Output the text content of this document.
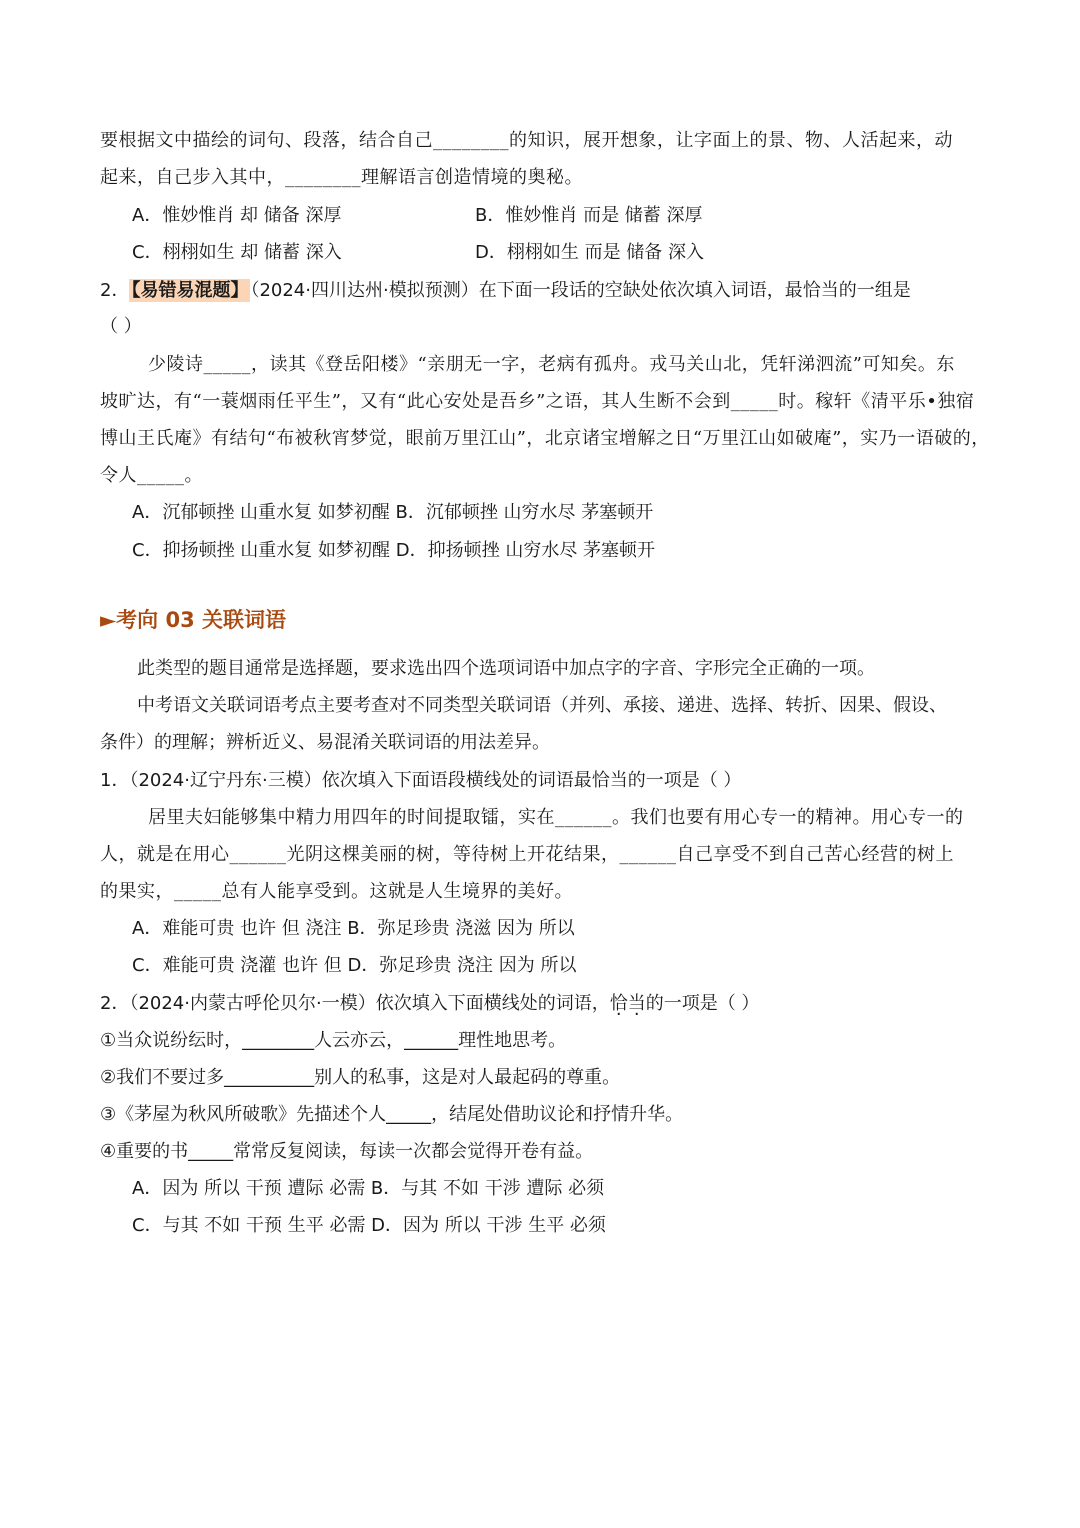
要根据文中描绘的词句、段落，结合自己________的知识，展开想象，让字面上的景、物、人活起来，动
起来，自己步入其中，________理解语言创造情境的奥秘。
A．惟妙惟肖 却 储备 深厚	B．惟妙惟肖 而是 储蓄 深厚
C．栩栩如生 却 储蓄 深入	D．栩栩如生 而是 储备 深入
2． 【易错易混题】 （2024·四川达州·模拟预测）在下面一段话的空缺处依次填入词语，最恰当的一组是
（ ）
少陵诗_____，读其《登岳阳楼》“亲朋无一字，老病有孤舟。戎马关山北，凭轩涕泗流”可知矣。东
坡旷达，有“一蓑烟雨任平生”，又有“此心安处是吾乡”之语，其人生断不会到_____时。稼轩《清平乐•独宿
博山王氏庵》有结句“布被秋宵梦觉，眼前万里江山”，北京诸宝增解之日“万里江山如破庵”，实乃一语破的，
令人_____。
A．沉郁顿挫 山重水复 如梦初醒 B．沉郁顿挫 山穷水尽 茅塞顿开
C．抑扬顿挫 山重水复 如梦初醒 D．抑扬顿挫 山穷水尽 茅塞顿开
►考向 03 关联词语
此类型的题目通常是选择题，要求选出四个选项词语中加点字的字音、字形完全正确的一项。
中考语文关联词语考点主要考查对不同类型关联词语（并列、承接、递进、选择、转折、因果、假设、
条件）的理解；辨析近义、易混淆关联词语的用法差异。
1．（2024·辽宁丹东·三模）依次填入下面语段横线处的词语最恰当的一项是（ ）
居里夫妇能够集中精力用四年的时间提取镭，实在______。我们也要有用心专一的精神。用心专一的
人，就是在用心______光阴这棵美丽的树，等待树上开花结果，______自己享受不到自己苦心经营的树上
的果实，_____总有人能享受到。这就是人生境界的美好。
A．难能可贵 也许 但 浇注 B．弥足珍贵 浇滋 因为 所以
C．难能可贵 浇灌 也许 但 D．弥足珍贵 浇注 因为 所以
2．（2024·内蒙古呼伦贝尔·一模）依次填入下面横线处的词语，恰当的一项是（ ）
①当众说纷纭时，________人云亦云，______理性地思考。
②我们不要过多__________别人的私事，这是对人最起码的尊重。
③《茅屋为秋风所破歌》先描述个人_____，结尾处借助议论和抒情升华。
④重要的书_____常常反复阅读，每读一次都会觉得开卷有益。
A．因为 所以 干预 遭际 必需 B．与其 不如 干涉 遭际 必须
C．与其 不如 干预 生平 必需 D．因为 所以 干涉 生平 必须
